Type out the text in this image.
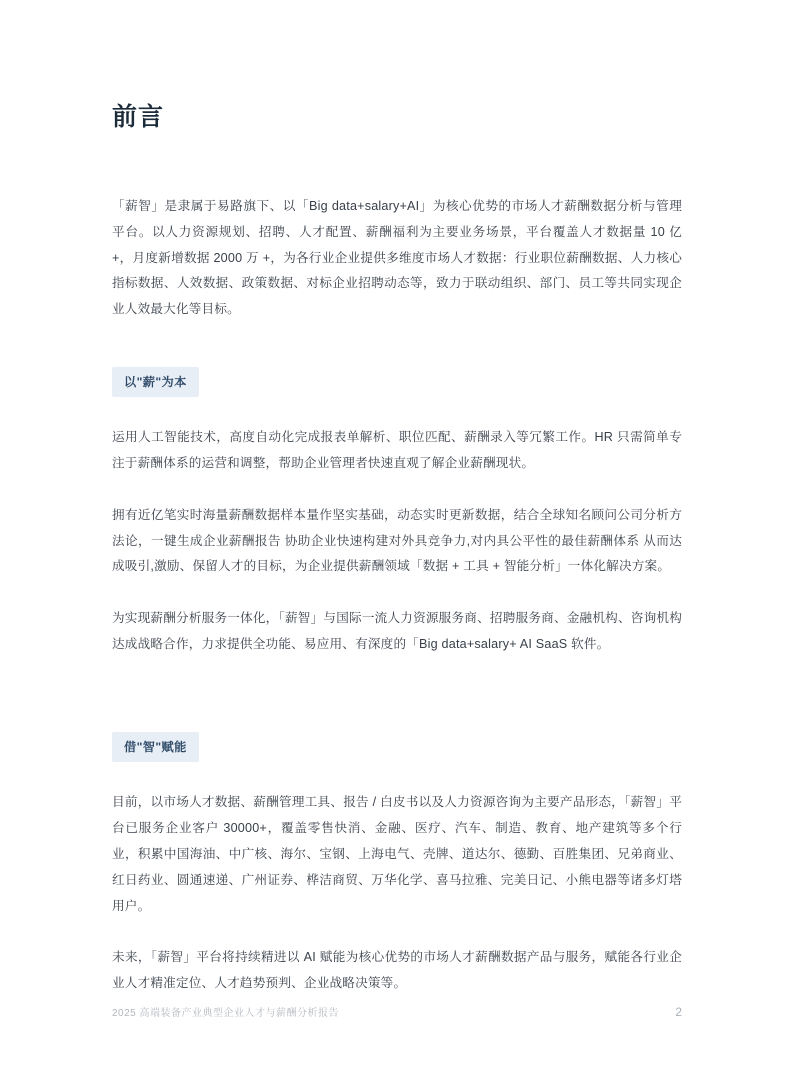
前言

「薪智」是隶属于易路旗下、以「Big data+salary+AI」为核心优势的市场人才薪酬数据分析与管理平台。以人力资源规划、招聘、人才配置、薪酬福利为主要业务场景，平台覆盖人才数据量 10 亿 +，月度新增数据 2000 万 +，为各行业企业提供多维度市场人才数据：行业职位薪酬数据、人力核心指标数据、人效数据、政策数据、对标企业招聘动态等，致力于联动组织、部门、员工等共同实现企业人效最大化等目标。

以"薪"为本

运用人工智能技术，高度自动化完成报表单解析、职位匹配、薪酬录入等冗繁工作。HR 只需简单专注于薪酬体系的运营和调整，帮助企业管理者快速直观了解企业薪酬现状。

拥有近亿笔实时海量薪酬数据样本量作坚实基础，动态实时更新数据，结合全球知名顾问公司分析方法论，一键生成企业薪酬报告 协助企业快速构建对外具竞争力,对内具公平性的最佳薪酬体系 从而达成吸引,激励、保留人才的目标，为企业提供薪酬领域「数据 + 工具 + 智能分析」一体化解决方案。

为实现薪酬分析服务一体化，「薪智」与国际一流人力资源服务商、招聘服务商、金融机构、咨询机构达成战略合作，力求提供全功能、易应用、有深度的「Big data+salary+ AI SaaS 软件。

借"智"赋能

目前，以市场人才数据、薪酬管理工具、报告 / 白皮书以及人力资源咨询为主要产品形态，「薪智」平台已服务企业客户 30000+，覆盖零售快消、金融、医疗、汽车、制造、教育、地产建筑等多个行业，积累中国海油、中广核、海尔、宝钢、上海电气、壳牌、道达尔、德勤、百胜集团、兄弟商业、红日药业、圆通速递、广州证券、桦洁商贸、万华化学、喜马拉雅、完美日记、小熊电器等诸多灯塔用户。

未来，「薪智」平台将持续精进以 AI 赋能为核心优势的市场人才薪酬数据产品与服务，赋能各行业企业人才精准定位、人才趋势预判、企业战略决策等。

2025 高端装备产业典型企业人才与薪酬分析报告	2
